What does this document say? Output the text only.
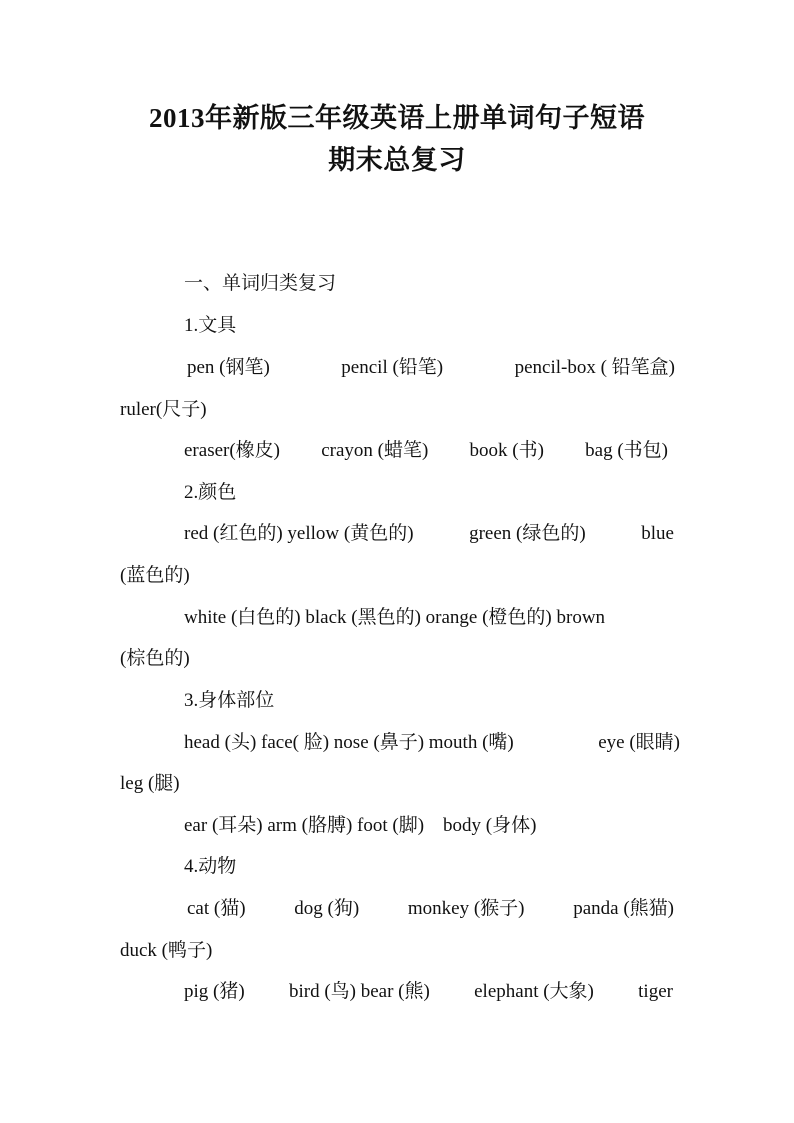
2013年新版三年级英语上册单词句子短语
期末总复习
一、单词归类复习
1.文具
pen (钢笔)	pencil (铅笔)	pencil-box ( 铅笔盒)
ruler(尺子)
eraser(橡皮) crayon (蜡笔) book (书) bag (书包)
2.颜色
red (红色的) yellow (黄色的)	green (绿色的)	blue
(蓝色的)
white (白色的) black (黑色的) orange (橙色的) brown
(棕色的)
3.身体部位
head (头) face( 脸) nose (鼻子) mouth (嘴)	eye (眼睛)
leg (腿)
ear (耳朵) arm (胳膊) foot (脚)    body (身体)
4.动物
cat (猫)	dog (狗)	monkey (猴子)	panda (熊猫)
duck (鸭子)
pig (猪) bird (鸟) bear (熊) elephant (大象) tiger
